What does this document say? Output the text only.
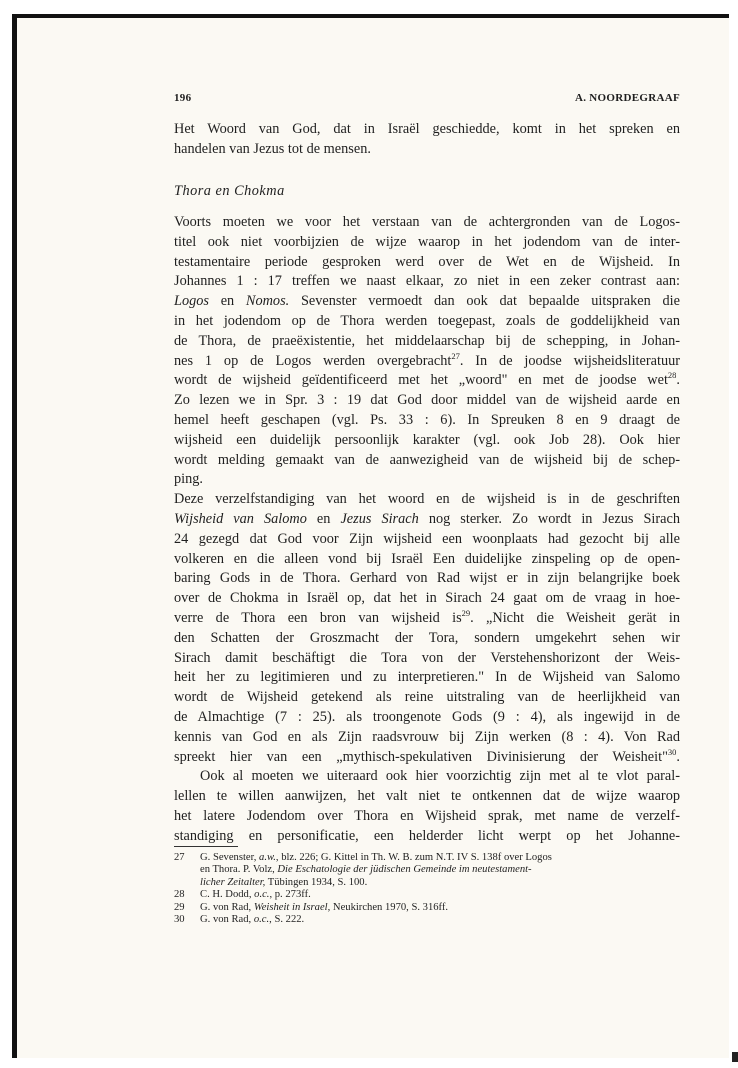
196	A. NOORDEGRAAF
Het Woord van God, dat in Israël geschiedde, komt in het spreken en
handelen van Jezus tot de mensen.
Thora en Chokma
Voorts moeten we voor het verstaan van de achtergronden van de Logos-
titel ook niet voorbijzien de wijze waarop in het jodendom van de inter-
testamentaire periode gesproken werd over de Wet en de Wijsheid. In
Johannes 1 : 17 treffen we naast elkaar, zo niet in een zeker contrast aan:
Logos en Nomos. Sevenster vermoedt dan ook dat bepaalde uitspraken die
in het jodendom op de Thora werden toegepast, zoals de goddelijkheid van
de Thora, de praeëxistentie, het middelaarschap bij de schepping, in Johan-
nes 1 op de Logos werden overgebracht$^{27}$. In de joodse wijsheidsliteratuur
wordt de wijsheid geïdentificeerd met het „woord" en met de joodse wet$^{28}$.
Zo lezen we in Spr. 3 : 19 dat God door middel van de wijsheid aarde en
hemel heeft geschapen (vgl. Ps. 33 : 6). In Spreuken 8 en 9 draagt de
wijsheid een duidelijk persoonlijk karakter (vgl. ook Job 28). Ook hier
wordt melding gemaakt van de aanwezigheid van de wijsheid bij de schep-
ping.
Deze verzelfstandiging van het woord en de wijsheid is in de geschriften
Wijsheid van Salomo en Jezus Sirach nog sterker. Zo wordt in Jezus Sirach
24 gezegd dat God voor Zijn wijsheid een woonplaats had gezocht bij alle
volkeren en die alleen vond bij Israël Een duidelijke zinspeling op de open-
baring Gods in de Thora. Gerhard von Rad wijst er in zijn belangrijke boek
over de Chokma in Israël op, dat het in Sirach 24 gaat om de vraag in hoe-
verre de Thora een bron van wijsheid $is^{29}$. „Nicht die Weisheit gerät in
den Schatten der Groszmacht der Tora, sondern umgekehrt sehen wir
Sirach damit beschäftigt die Tora von der Verstehenshorizont der Weis-
heit her zu legitimieren und zu interpretieren." In de Wijsheid van Salomo
wordt de Wijsheid getekend als reine uitstraling van de heerlijkheid van
de Almachtige (7 : 25). als troongenote Gods (9 : 4), als ingewijd in de
kennis van God en als Zijn raadsvrouw bij Zijn werken (8 : 4). Von Rad
spreekt hier van een „mythisch-spekulativen Divinisierung der Weisheit"$^{30}$.
Ook al moeten we uiteraard ook hier voorzichtig zijn met al te vlot paral-
lellen te willen aanwijzen, het valt niet te ontkennen dat de wijze waarop
het latere Jodendom over Thora en Wijsheid sprak, met name de verzelf-
standiging en personificatie, een helderder licht werpt op het Johanne-
27 G. Sevenster, a.w., blz. 226; G. Kittel in Th. W. B. zum N.T. IV S. 138f over Logos
en Thora. P. Volz, Die Eschatologie der jüdischen Gemeinde im neutestament-
licher Zeitalter, Tübingen 1934, S. 100.
28 C. H. Dodd, o.c., p. 273ff.
29 G. von Rad, Weisheit in Israel, Neukirchen 1970, S. 316ff.
30 G. von Rad, o.c., S. 222.
